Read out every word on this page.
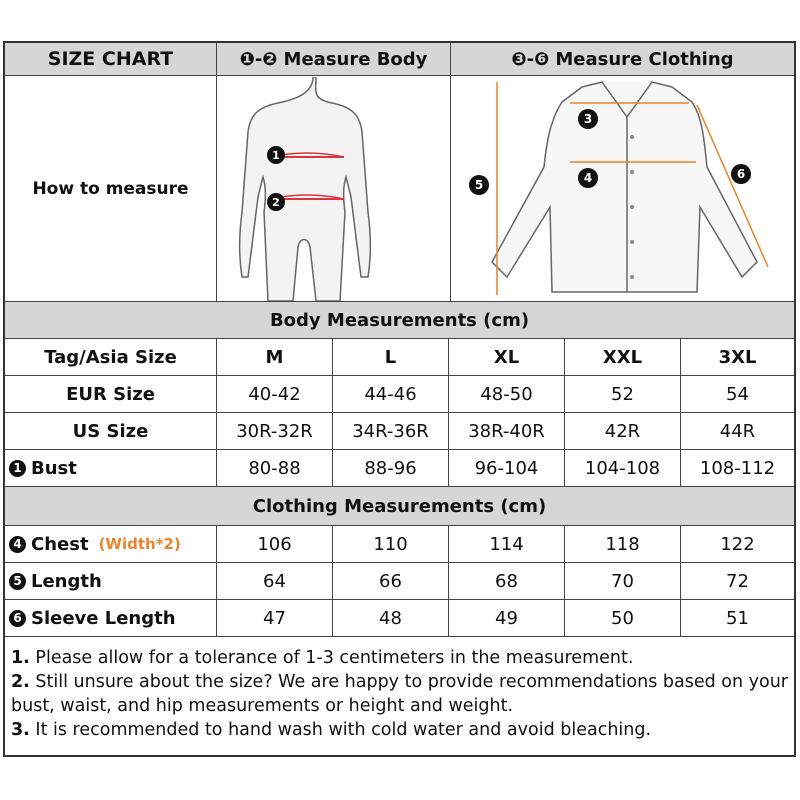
SIZE CHART	❶-❷ Measure Body	❸-❻ Measure Clothing
How to measure
1
2
3
4
5
6
Body Measurements (cm)
Tag/Asia Size	M	L	XL	XXL	3XL
EUR Size	40-42	44-46	48-50	52	54
US Size	30R-32R	34R-36R	38R-40R	42R	44R
1 Bust	80-88	88-96	96-104	104-108	108-112
Clothing Measurements (cm)
4 Chest (Width*2)	106	110	114	118	122
5 Length	64	66	68	70	72
6 Sleeve Length	47	48	49	50	51

1. Please allow for a tolerance of 1-3 centimeters in the measurement.

2. Still unsure about the size? We are happy to provide recommendations based on your bust, waist, and hip measurements or height and weight.

3. It is recommended to hand wash with cold water and avoid bleaching.
